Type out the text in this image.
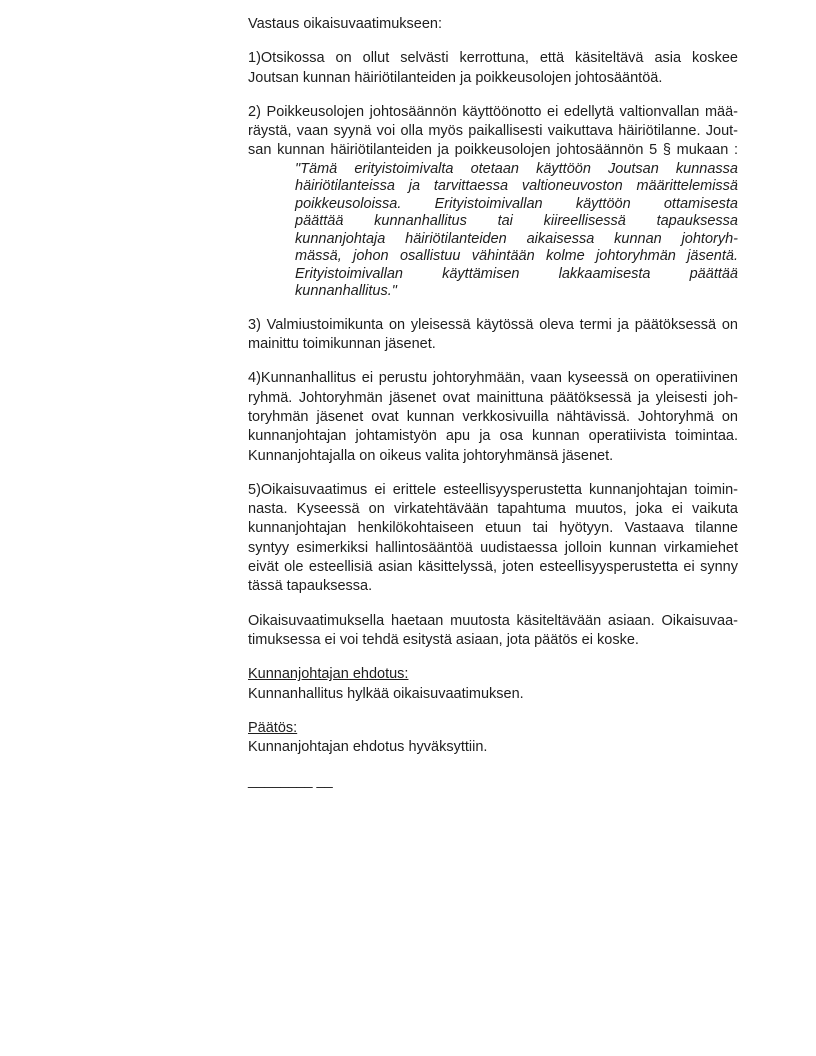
Vastaus oikaisuvaatimukseen:

1)Otsikossa on ollut selvästi kerrottuna, että käsiteltävä asia koskee
Joutsan kunnan häiriötilanteiden ja poikkeusolojen johtosääntöä.

2) Poikkeusolojen johtosäännön käyttöönotto ei edellytä valtionvallan mää-
räystä, vaan syynä voi olla myös paikallisesti vaikuttava häiriötilanne. Jout-
san kunnan häiriötilanteiden ja poikkeusolojen johtosäännön 5 § mukaan :

"Tämä erityistoimivalta otetaan käyttöön Joutsan kunnassa
häiriötilanteissa ja tarvittaessa valtioneuvoston määrittelemissä
poikkeusoloissa. Erityistoimivallan käyttöön ottamisesta
päättää kunnanhallitus tai kiireellisessä tapauksessa
kunnanjohtaja häiriötilanteiden aikaisessa kunnan johtoryh-
mässä, johon osallistuu vähintään kolme johtoryhmän jäsentä.
Erityistoimivallan käyttämisen lakkaamisesta päättää
kunnanhallitus."

3) Valmiustoimikunta on yleisessä käytössä oleva termi ja päätöksessä on
mainittu toimikunnan jäsenet.

4)Kunnanhallitus ei perustu johtoryhmään, vaan kyseessä on operatiivinen
ryhmä. Johtoryhmän jäsenet ovat mainittuna päätöksessä ja yleisesti joh-
toryhmän jäsenet ovat kunnan verkkosivuilla nähtävissä. Johtoryhmä on
kunnanjohtajan johtamistyön apu ja osa kunnan operatiivista toimintaa.
Kunnanjohtajalla on oikeus valita johtoryhmänsä jäsenet.

5)Oikaisuvaatimus ei erittele esteellisyysperustetta kunnanjohtajan toimin-
nasta. Kyseessä on virkatehtävään tapahtuma muutos, joka ei vaikuta
kunnanjohtajan henkilökohtaiseen etuun tai hyötyyn. Vastaava tilanne
syntyy esimerkiksi hallintosääntöä uudistaessa jolloin kunnan virkamiehet
eivät ole esteellisiä asian käsittelyssä, joten esteellisyysperustetta ei synny
tässä tapauksessa.

Oikaisuvaatimuksella haetaan muutosta käsiteltävään asiaan. Oikaisuvaa-
timuksessa ei voi tehdä esitystä asiaan, jota päätös ei koske.

Kunnanjohtajan ehdotus:
Kunnanhallitus hylkää oikaisuvaatimuksen.

Päätös:
Kunnanjohtajan ehdotus hyväksyttiin.

________ __
